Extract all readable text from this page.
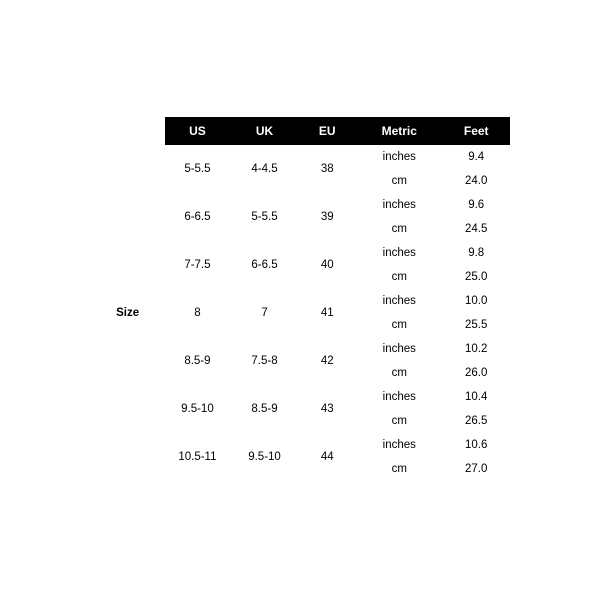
	US	UK	EU	Metric	Feet
Size	5-5.5	4-4.5	38	inches	9.4
				cm	24.0
	6-6.5	5-5.5	39	inches	9.6
				cm	24.5
	7-7.5	6-6.5	40	inches	9.8
				cm	25.0
	8	7	41	inches	10.0
				cm	25.5
	8.5-9	7.5-8	42	inches	10.2
				cm	26.0
	9.5-10	8.5-9	43	inches	10.4
				cm	26.5
	10.5-11	9.5-10	44	inches	10.6
				cm	27.0
